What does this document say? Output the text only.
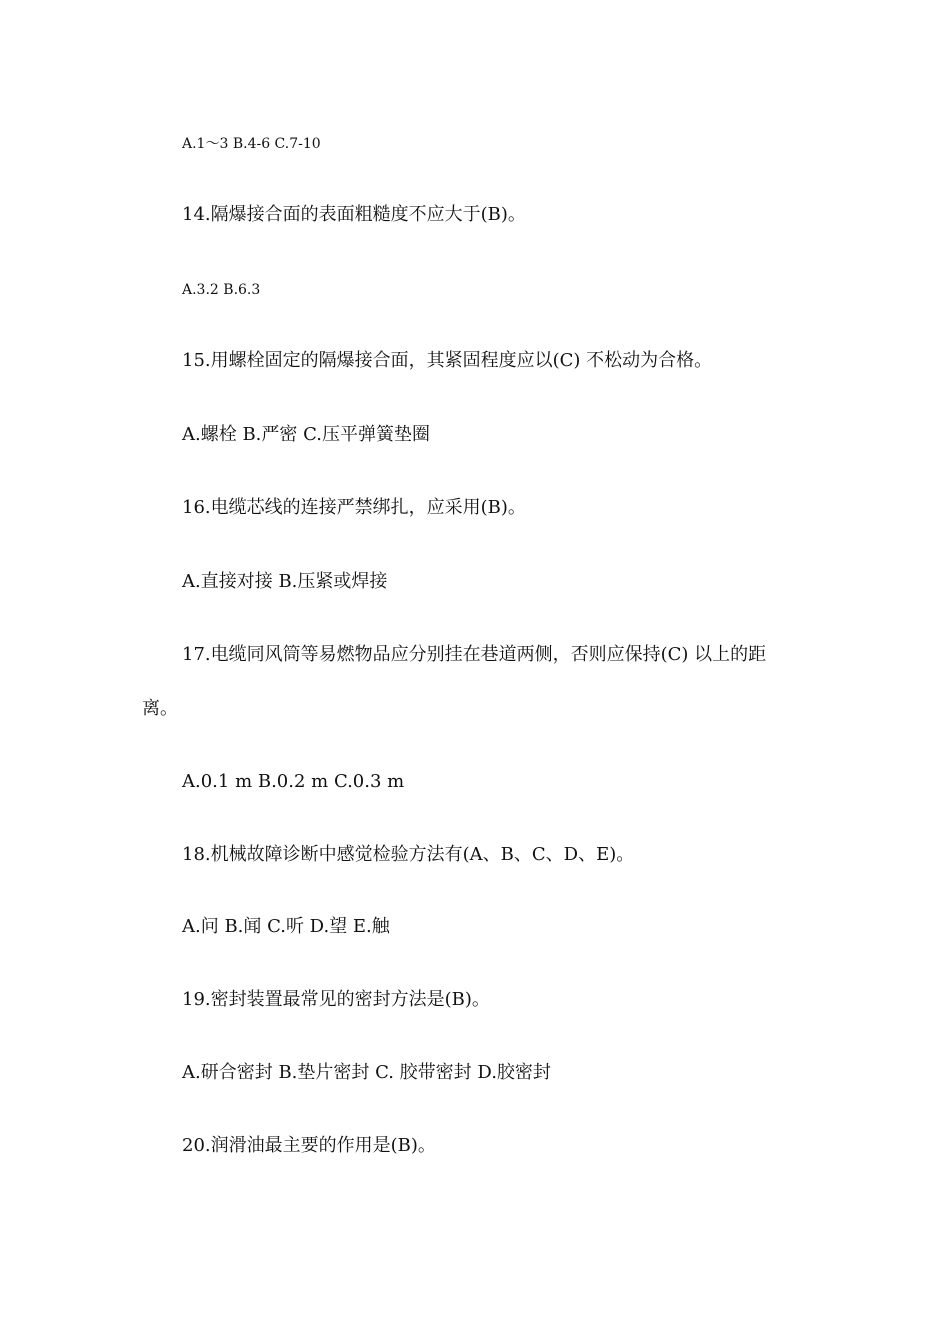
A.1～3 B.4-6 C.7-10
14.隔爆接合面的表面粗糙度不应大于(B)。
A.3.2 B.6.3
15.用螺栓固定的隔爆接合面，其紧固程度应以(C) 不松动为合格。
A.螺栓 B.严密 C.压平弹簧垫圈
16.电缆芯线的连接严禁绑扎，应采用(B)。
A.直接对接 B.压紧或焊接
17.电缆同风筒等易燃物品应分别挂在巷道两侧，否则应保持(C) 以上的距
离。
A.0.1 m B.0.2 m C.0.3 m
18.机械故障诊断中感觉检验方法有(A、B、C、D、E)。
A.问 B.闻 C.听 D.望 E.触
19.密封装置最常见的密封方法是(B)。
A.研合密封 B.垫片密封 C. 胶带密封 D.胶密封
20.润滑油最主要的作用是(B)。
